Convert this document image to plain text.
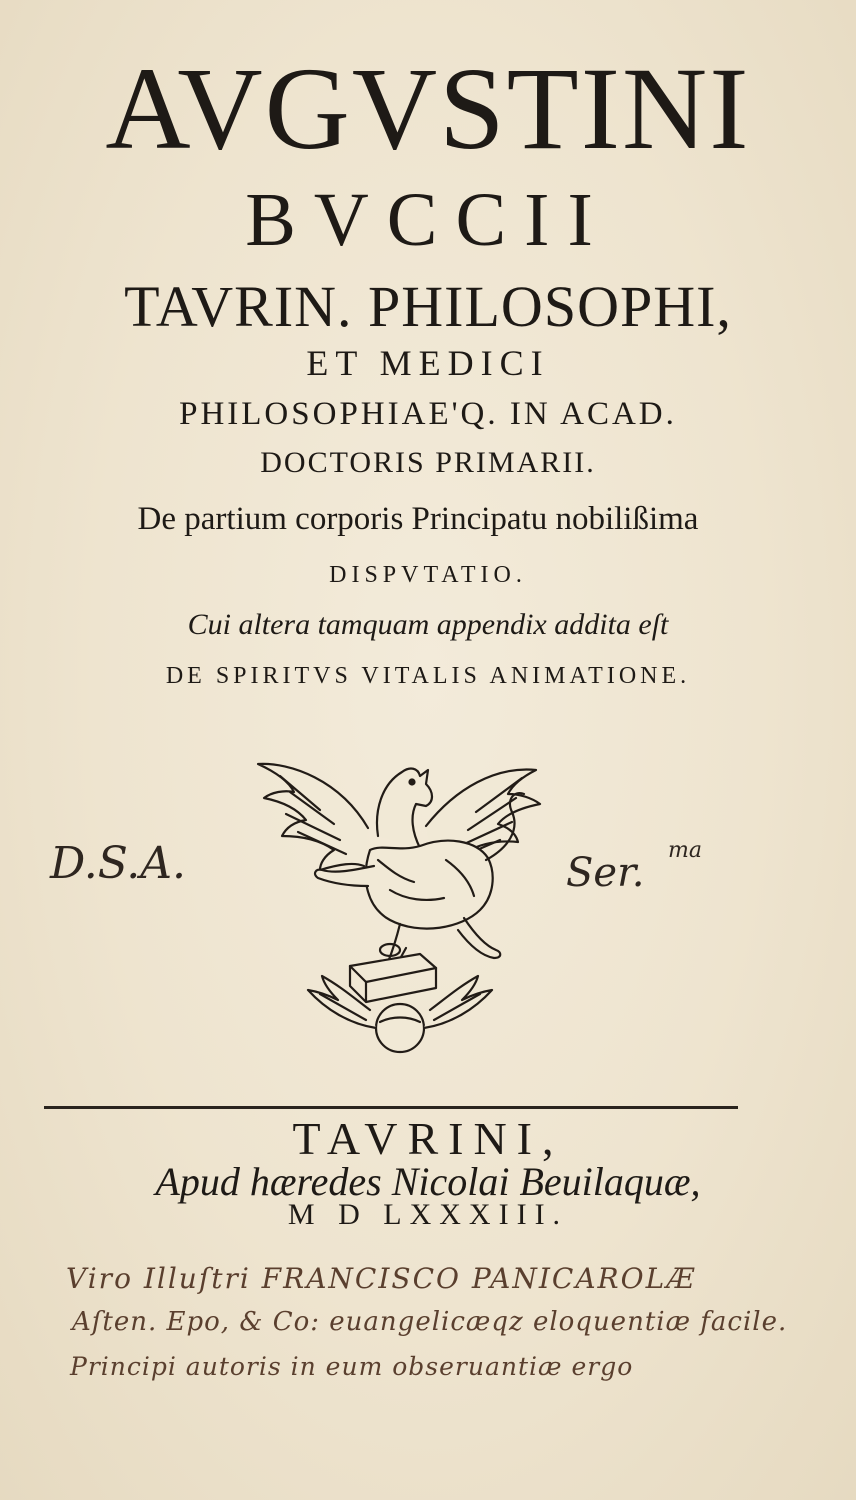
AVGVSTINI
BVCCII
TAVRIN. PHILOSOPHI,
ET MEDICI
PHILOSOPHIAE'Q. IN ACAD.
DOCTORIS PRIMARII.
De partium corporis Principatu nobilißima
DISPVTATIO.
Cui altera tamquam appendix addita eſt
DE SPIRITVS VITALIS ANIMATIONE.
D.S.A.	Ser. ma
TAVRINI,
Apud hæredes Nicolai Beuilaquæ,
M D LXXXIII.
Viro Illuſtri FRANCISCO PANICAROLÆ
Aſten. Epo, & Co: euangelicæqz eloquentiæ facile.
Principi autoris in eum obseruantiæ ergo
